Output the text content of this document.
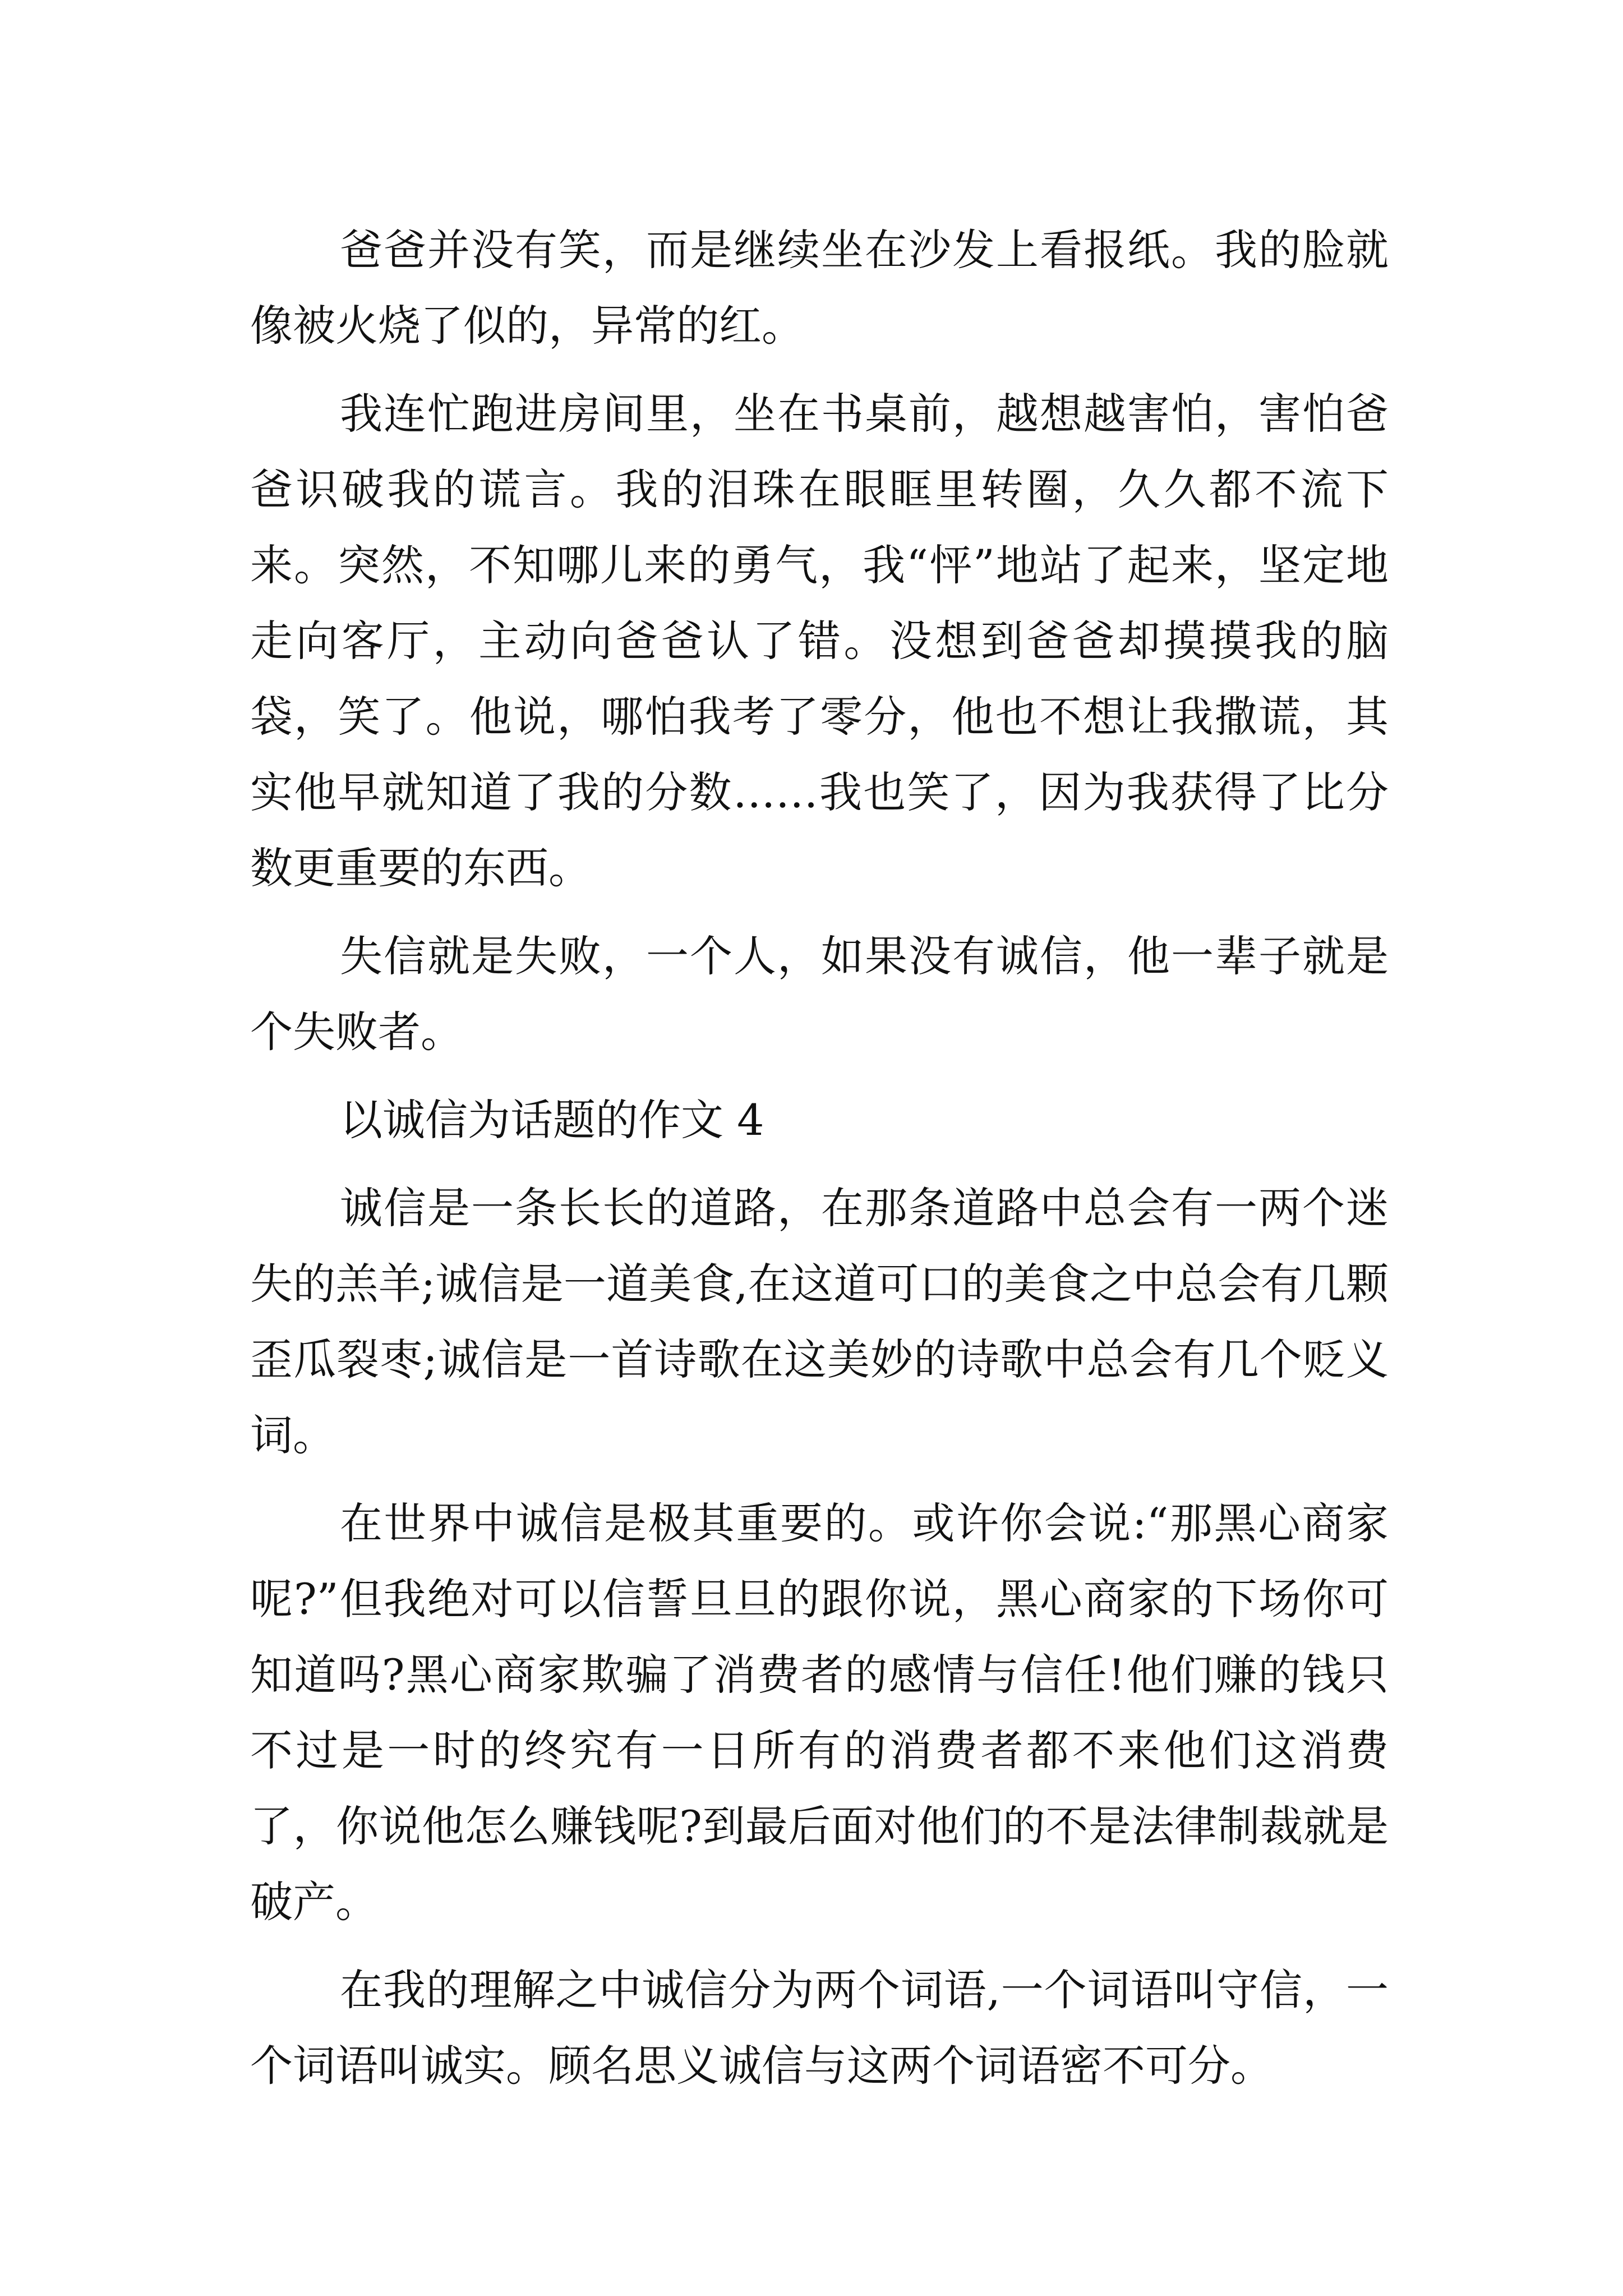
爸爸并没有笑，而是继续坐在沙发上看报纸。我的脸就像被火烧了似的，异常的红。

我连忙跑进房间里，坐在书桌前，越想越害怕，害怕爸爸识破我的谎言。我的泪珠在眼眶里转圈，久久都不流下来。突然，不知哪儿来的勇气，我“怦”地站了起来，坚定地走向客厅，主动向爸爸认了错。没想到爸爸却摸摸我的脑袋，笑了。他说，哪怕我考了零分，他也不想让我撒谎，其实他早就知道了我的分数……我也笑了，因为我获得了比分数更重要的东西。

失信就是失败，一个人，如果没有诚信，他一辈子就是个失败者。

以诚信为话题的作文 4

诚信是一条长长的道路，在那条道路中总会有一两个迷失的羔羊;诚信是一道美食,在这道可口的美食之中总会有几颗歪瓜裂枣;诚信是一首诗歌在这美妙的诗歌中总会有几个贬义词。

在世界中诚信是极其重要的。或许你会说:“那黑心商家呢?”但我绝对可以信誓旦旦的跟你说，黑心商家的下场你可知道吗?黑心商家欺骗了消费者的感情与信任!他们赚的钱只不过是一时的终究有一日所有的消费者都不来他们这消费了，你说他怎么赚钱呢?到最后面对他们的不是法律制裁就是破产。

在我的理解之中诚信分为两个词语,一个词语叫守信，一个词语叫诚实。顾名思义诚信与这两个词语密不可分。
